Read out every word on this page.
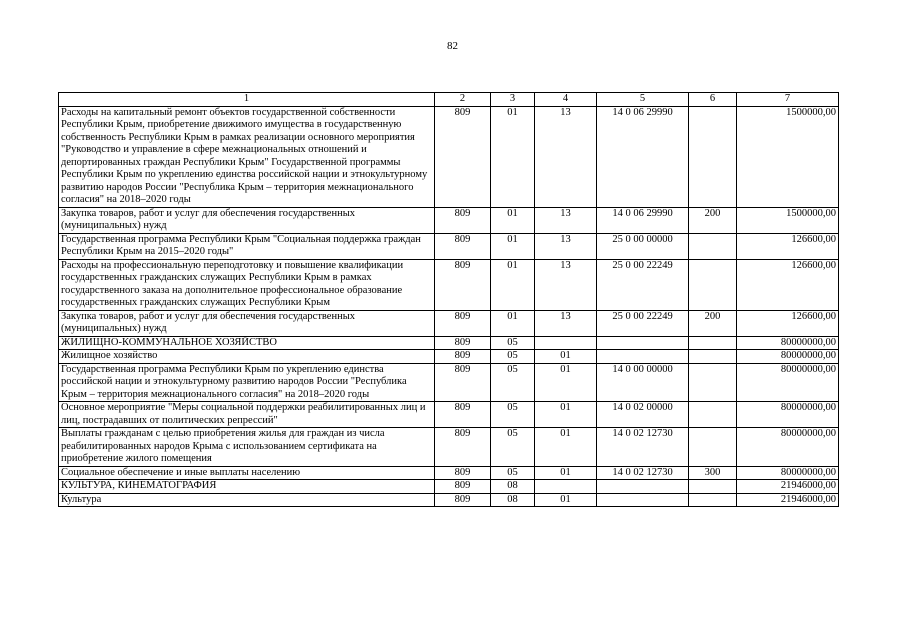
82
1	2	3	4	5	6	7
Расходы на капитальный ремонт объектов государственной собственности Республики Крым, приобретение движимого имущества в государственную собственность Республики Крым в рамках реализации основного мероприятия "Руководство и управление в сфере межнациональных отношений и депортированных граждан Республики Крым" Государственной программы Республики Крым по укреплению единства российской нации и этнокультурному развитию народов России "Республика Крым – территория межнационального согласия" на 2018–2020 годы	809	01	13	14 0 06 29990		1500000,00
Закупка товаров, работ и услуг для обеспечения государственных (муниципальных) нужд	809	01	13	14 0 06 29990	200	1500000,00
Государственная программа Республики Крым "Социальная поддержка граждан Республики Крым на 2015–2020 годы"	809	01	13	25 0 00 00000		126600,00
Расходы на профессиональную переподготовку и повышение квалификации государственных гражданских служащих Республики Крым в рамках государственного заказа на дополнительное профессиональное образование государственных гражданских служащих Республики Крым	809	01	13	25 0 00 22249		126600,00
Закупка товаров, работ и услуг для обеспечения государственных (муниципальных) нужд	809	01	13	25 0 00 22249	200	126600,00
ЖИЛИЩНО-КОММУНАЛЬНОЕ ХОЗЯЙСТВО	809	05				80000000,00
Жилищное хозяйство	809	05	01			80000000,00
Государственная программа Республики Крым по укреплению единства российской нации и этнокультурному развитию народов России "Республика Крым – территория межнационального согласия" на 2018–2020 годы	809	05	01	14 0 00 00000		80000000,00
Основное мероприятие "Меры социальной поддержки реабилитированных лиц и лиц, пострадавших от политических репрессий"	809	05	01	14 0 02 00000		80000000,00
Выплаты гражданам с целью приобретения жилья для граждан из числа реабилитированных народов Крыма с использованием сертификата на приобретение жилого помещения	809	05	01	14 0 02 12730		80000000,00
Социальное обеспечение и иные выплаты населению	809	05	01	14 0 02 12730	300	80000000,00
КУЛЬТУРА, КИНЕМАТОГРАФИЯ	809	08				21946000,00
Культура	809	08	01			21946000,00
